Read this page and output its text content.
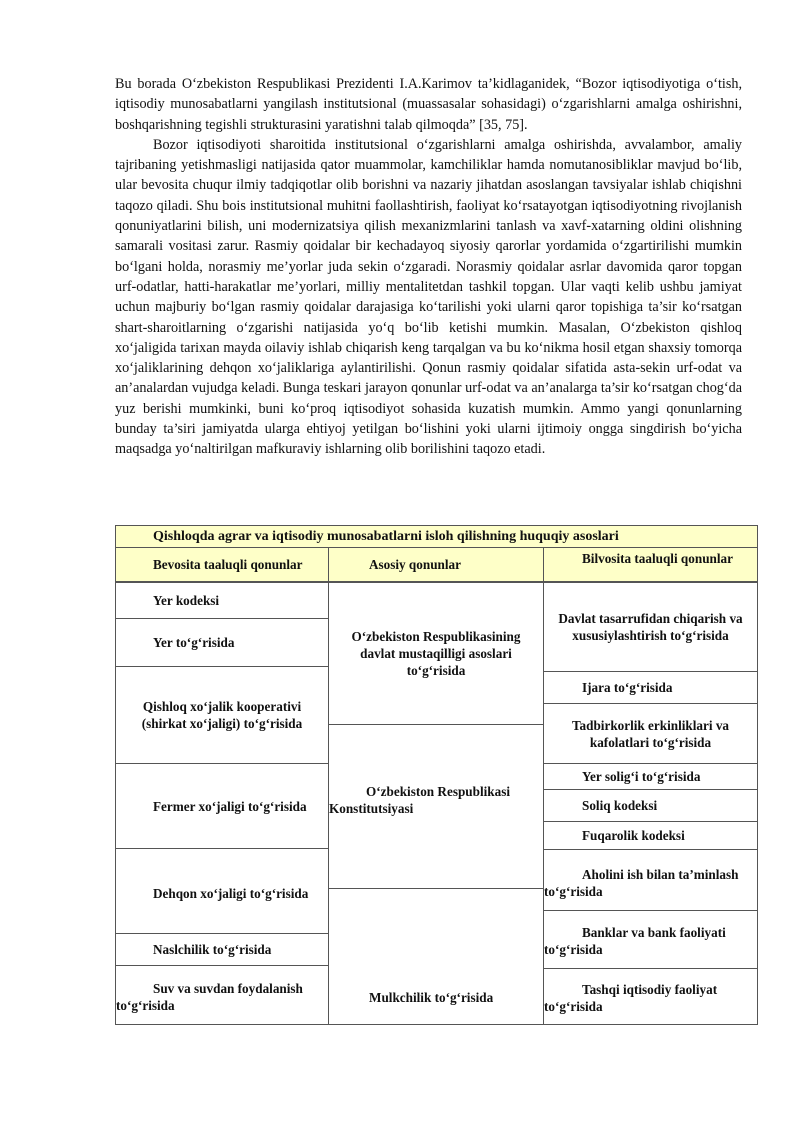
Bu borada O‘zbekiston Respublikasi Prezidenti I.A.Karimov ta’kidlaganidek, “Bozor iqtisodiyotiga o‘tish, iqtisodiy munosabatlarni yangilash institutsional (muassasalar sohasidagi) o‘zgarishlarni amalga oshirishni, boshqarishning tegishli strukturasini yaratishni talab qilmoqda” [35, 75].

Bozor iqtisodiyoti sharoitida institutsional o‘zgarishlarni amalga oshirishda, avvalambor, amaliy tajribaning yetishmasligi natijasida qator muammolar, kamchiliklar hamda nomutanosibliklar mavjud bo‘lib, ular bevosita chuqur ilmiy tadqiqotlar olib borishni va nazariy jihatdan asoslangan tavsiyalar ishlab chiqishni taqozo qiladi. Shu bois institutsional muhitni faollashtirish, faoliyat ko‘rsatayotgan iqtisodiyotning rivojlanish qonuniyatlarini bilish, uni modernizatsiya qilish mexanizmlarini tanlash va xavf-xatarning oldini olishning samarali vositasi zarur. Rasmiy qoidalar bir kechadayoq siyosiy qarorlar yordamida o‘zgartirilishi mumkin bo‘lgani holda, norasmiy me’yorlar juda sekin o‘zgaradi. Norasmiy qoidalar asrlar davomida qaror topgan urf-odatlar, hatti-harakatlar me’yorlari, milliy mentalitetdan tashkil topgan. Ular vaqti kelib ushbu jamiyat uchun majburiy bo‘lgan rasmiy qoidalar darajasiga ko‘tarilishi yoki ularni qaror topishiga ta’sir ko‘rsatgan shart-sharoitlarning o‘zgarishi natijasida yo‘q bo‘lib ketishi mumkin. Masalan, O‘zbekiston qishloq xo‘jaligida tarixan mayda oilaviy ishlab chiqarish keng tarqalgan va bu ko‘nikma hosil etgan shaxsiy tomorqa xo‘jaliklarining dehqon xo‘jaliklariga aylantirilishi. Qonun rasmiy qoidalar sifatida asta-sekin urf-odat va an’analardan vujudga keladi. Bunga teskari jarayon qonunlar urf-odat va an’analarga ta’sir ko‘rsatgan chog‘da yuz berishi mumkinki, buni ko‘proq iqtisodiyot sohasida kuzatish mumkin. Ammo yangi qonunlarning bunday ta’siri jamiyatda ularga ehtiyoj yetilgan bo‘lishini yoki ularni ijtimoiy ongga singdirish bo‘yicha maqsadga yo‘naltirilgan mafkuraviy ishlarning olib borilishini taqozo etadi.

Qishloqda agrar va iqtisodiy munosabatlarni isloh qilishning huquqiy asoslari
Bevosita taaluqli qonunlar	Asosiy qonunlar	Bilvosita taaluqli qonunlar
Yer kodeksi
Yer to‘g‘risida
Qishloq xo‘jalik kooperativi (shirkat xo‘jaligi) to‘g‘risida
Fermer xo‘jaligi to‘g‘risida
Dehqon xo‘jaligi to‘g‘risida
Naslchilik to‘g‘risida
Suv va suvdan foydalanish to‘g‘risida
O‘zbekiston Respublikasining davlat mustaqilligi asoslari to‘g‘risida
O‘zbekiston Respublikasi Konstitutsiyasi
Mulkchilik to‘g‘risida
Davlat tasarrufidan chiqarish va xususiylashtirish to‘g‘risida
Ijara to‘g‘risida
Tadbirkorlik erkinliklari va kafolatlari to‘g‘risida
Yer solig‘i to‘g‘risida
Soliq kodeksi
Fuqarolik kodeksi
Aholini ish bilan ta’minlash to‘g‘risida
Banklar va bank faoliyati to‘g‘risida
Tashqi iqtisodiy faoliyat to‘g‘risida
